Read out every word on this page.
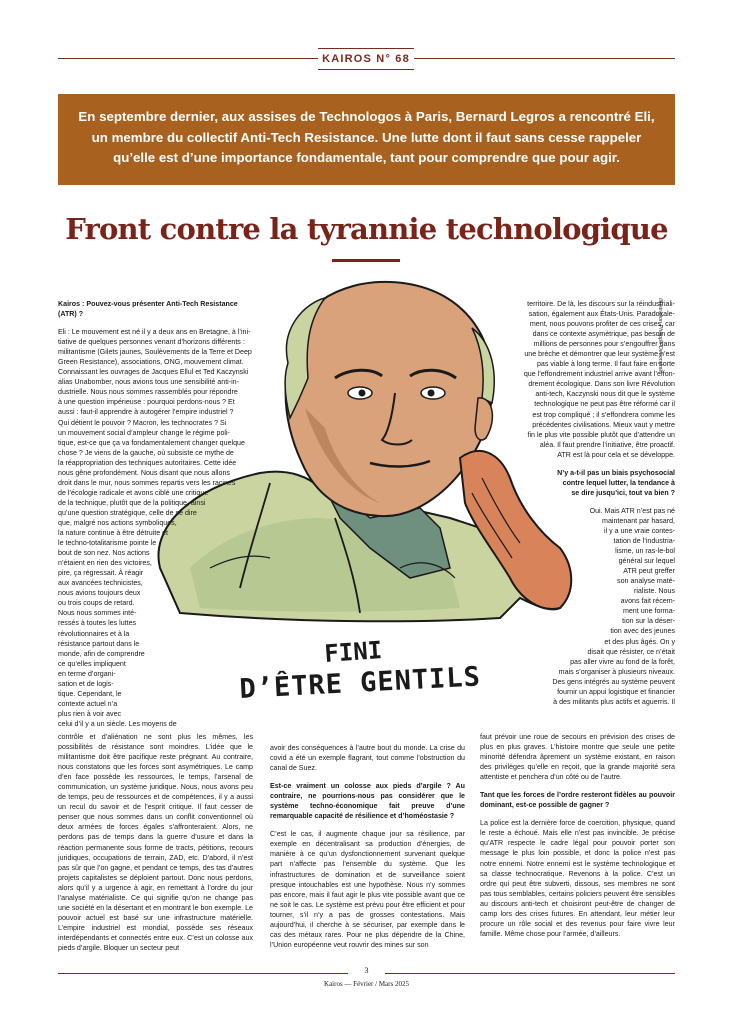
KAIROS N° 68
En septembre dernier, aux assises de Technologos à Paris, Bernard Legros a rencontré Eli, un membre du collectif Anti-Tech Resistance. Une lutte dont il faut sans cesse rappeler qu’elle est d’une importance fondamentale, tant pour comprendre que pour agir.
Front contre la tyrannie technologique
Illustration Philippe Debongnie
FINI
D’ÊTRE GENTILS

Kairos : Pouvez-vous présenter Anti-Tech Resistance (ATR) ?

Eli : Le mouvement est né il y a deux ans en Bretagne, à l’ini-
tiative de quelques personnes venant d’horizons différents :
militantisme (Gilets jaunes, Soulèvements de la Terre et Deep
Green Resistance), associations, ONG, mouvement climat.
Connaissant les ouvrages de Jacques Ellul et Ted Kaczynski
alias Unabomber, nous avions tous une sensibilité anti-in-
dustrielle. Nous nous sommes rassemblés pour répondre
à une question impérieuse : pourquoi perdons-nous ? Et
aussi : faut-il apprendre à autogérer l’empire industriel ?
Qui détient le pouvoir ? Macron, les technocrates ? Si
un mouvement social d’ampleur change le régime poli-
tique, est-ce que ça va fondamentalement changer quelque
chose ? Je viens de la gauche, où subsiste ce mythe de
la réappropriation des techniques autoritaires. Cette idée
nous gêne profondément. Nous disant que nous allons
droit dans le mur, nous sommes repartis vers les racines
de l’écologie radicale et avons ciblé une critique
de la technique, plutôt que de la politique, ainsi
qu’une question stratégique, celle de se dire
que, malgré nos actions symboliques,
la nature continue à être détruite et
le techno-totalitarisme pointe le
bout de son nez. Nos actions
n’étaient en rien des victoires,
pire, ça régressait. À réagir
aux avancées technicistes,
nous avions toujours deux
ou trois coups de retard.
Nous nous sommes inté-
ressés à toutes les luttes
révolutionnaires et à la
résistance partout dans le
monde, afin de comprendre
ce qu’elles impliquent
en terme d’organi-
sation et de logis-
tique. Cependant, le
contexte actuel n’a
plus rien à voir avec
celui d’il y a un siècle. Les moyens de

contrôle et d’aliénation ne sont plus les mêmes, les possibilités de résistance sont moindres. L’idée que le militantisme doit être pacifique reste prégnant. Au contraire, nous constatons que les forces sont asymétriques. Le camp d’en face possède les ressources, le temps, l’arsenal de communication, un système juridique. Nous, nous avons peu de temps, peu de ressources et de compétences, il y a aussi un recul du savoir et de l’esprit critique. Il faut cesser de penser que nous sommes dans un conflit conventionnel où deux armées de forces égales s’affronteraient. Alors, ne perdons pas de temps dans la guerre d’usure et dans la réaction permanente sous forme de tracts, pétitions, recours juridiques, occupations de terrain, ZAD, etc. D’abord, il n’est pas sûr que l’on gagne, et pendant ce temps, des tas d’autres projets capitalistes se déploient partout. Donc nous perdons, alors qu’il y a urgence à agir, en remettant à l’ordre du jour l’analyse matérialiste. Ce qui signifie qu’on ne change pas une société en la désertant et en montrant le bon exemple. Le pouvoir actuel est basé sur une infrastructure matérielle. L’empire industriel est mondial, possède ses réseaux interdépendants et connectés entre eux. C’est un colosse aux pieds d’argile. Bloquer un secteur peut

avoir des conséquences à l’autre bout du monde. La crise du covid a été un exemple flagrant, tout comme l’obstruction du canal de Suez.

Est-ce vraiment un colosse aux pieds d’argile ? Au contraire, ne pourrions-nous pas considérer que le système techno-économique fait preuve d’une remarquable capacité de résilience et d’homéostasie ?

C’est le cas, il augmente chaque jour sa résilience, par exemple en décentralisant sa production d’énergies, de manière à ce qu’un dysfonctionnement survenant quelque part n’affecte pas l’ensemble du système. Que les infrastructures de domination et de surveillance soient presque intouchables est une hypothèse. Nous n’y sommes pas encore, mais il faut agir le plus vite possible avant que ce ne soit le cas. Le système est prévu pour être efficient et pour tourner, s’il n’y a pas de grosses contestations. Mais aujourd’hui, il cherche à se sécuriser, par exemple dans le cas des métaux rares. Pour ne plus dépendre de la Chine, l’Union européenne veut rouvrir des mines sur son

territoire. De là, les discours sur la réindustriali-
sation, également aux États-Unis. Paradoxale-
ment, nous pouvons profiter de ces crises, car
dans ce contexte asymétrique, pas besoin de
millions de personnes pour s’engouffrer dans
une brèche et démontrer que leur système n’est
pas viable à long terme. Il faut faire en sorte
que l’effondrement industriel arrive avant l’effon-
drement écologique. Dans son livre Révolution
anti-tech, Kaczynski nous dit que le système
technologique ne peut pas être réformé car il
est trop compliqué ; il s’effondrera comme les
précédentes civilisations. Mieux vaut y mettre
fin le plus vite possible plutôt que d’attendre un
aléa. Il faut prendre l’initiative, être proactif.
ATR est là pour cela et se développe.
N’y a-t-il pas un biais psychosocial
contre lequel lutter, la tendance à
se dire jusqu’ici, tout va bien ?
Oui. Mais ATR n’est pas né
maintenant par hasard,
il y a une vraie contes-
tation de l’industria-
lisme, un ras-le-bol
général sur lequel
ATR peut greffer
son analyse maté-
rialiste. Nous
avons fait récem-
ment une forma-
tion sur la déser-
tion avec des jeunes
et des plus âgés. On y
disait que résister, ce n’était
pas aller vivre au fond de la forêt,
mais s’organiser à plusieurs niveaux.
Des gens intégrés au système peuvent
fournir un appui logistique et financier
à des militants plus actifs et aguerris. Il

faut prévoir une roue de secours en prévision des crises de plus en plus graves. L’histoire montre que seule une petite minorité défendra âprement un système existant, en raison des privilèges qu’elle en reçoit, que la grande majorité sera attentiste et penchera d’un côté ou de l’autre.

Tant que les forces de l’ordre resteront fidèles au pouvoir dominant, est-ce possible de gagner ?

La police est la dernière force de coercition, physique, quand le reste a échoué. Mais elle n’est pas invincible. Je précise qu’ATR respecte le cadre légal pour pouvoir porter son message le plus loin possible, et donc la police n’est pas notre ennemi. Notre ennemi est le système technologique et sa classe technocratique. Revenons à la police. C’est un ordre qui peut être subverti, dissous, ses membres ne sont pas tous semblables, certains policiers peuvent être sensibles au discours anti-tech et choisiront peut-être de changer de camp lors des crises futures. En attendant, leur métier leur procure un rôle social et des revenus pour faire vivre leur famille. Même chose pour l’armée, d’ailleurs.

3
Kairos — Février / Mars 2025
